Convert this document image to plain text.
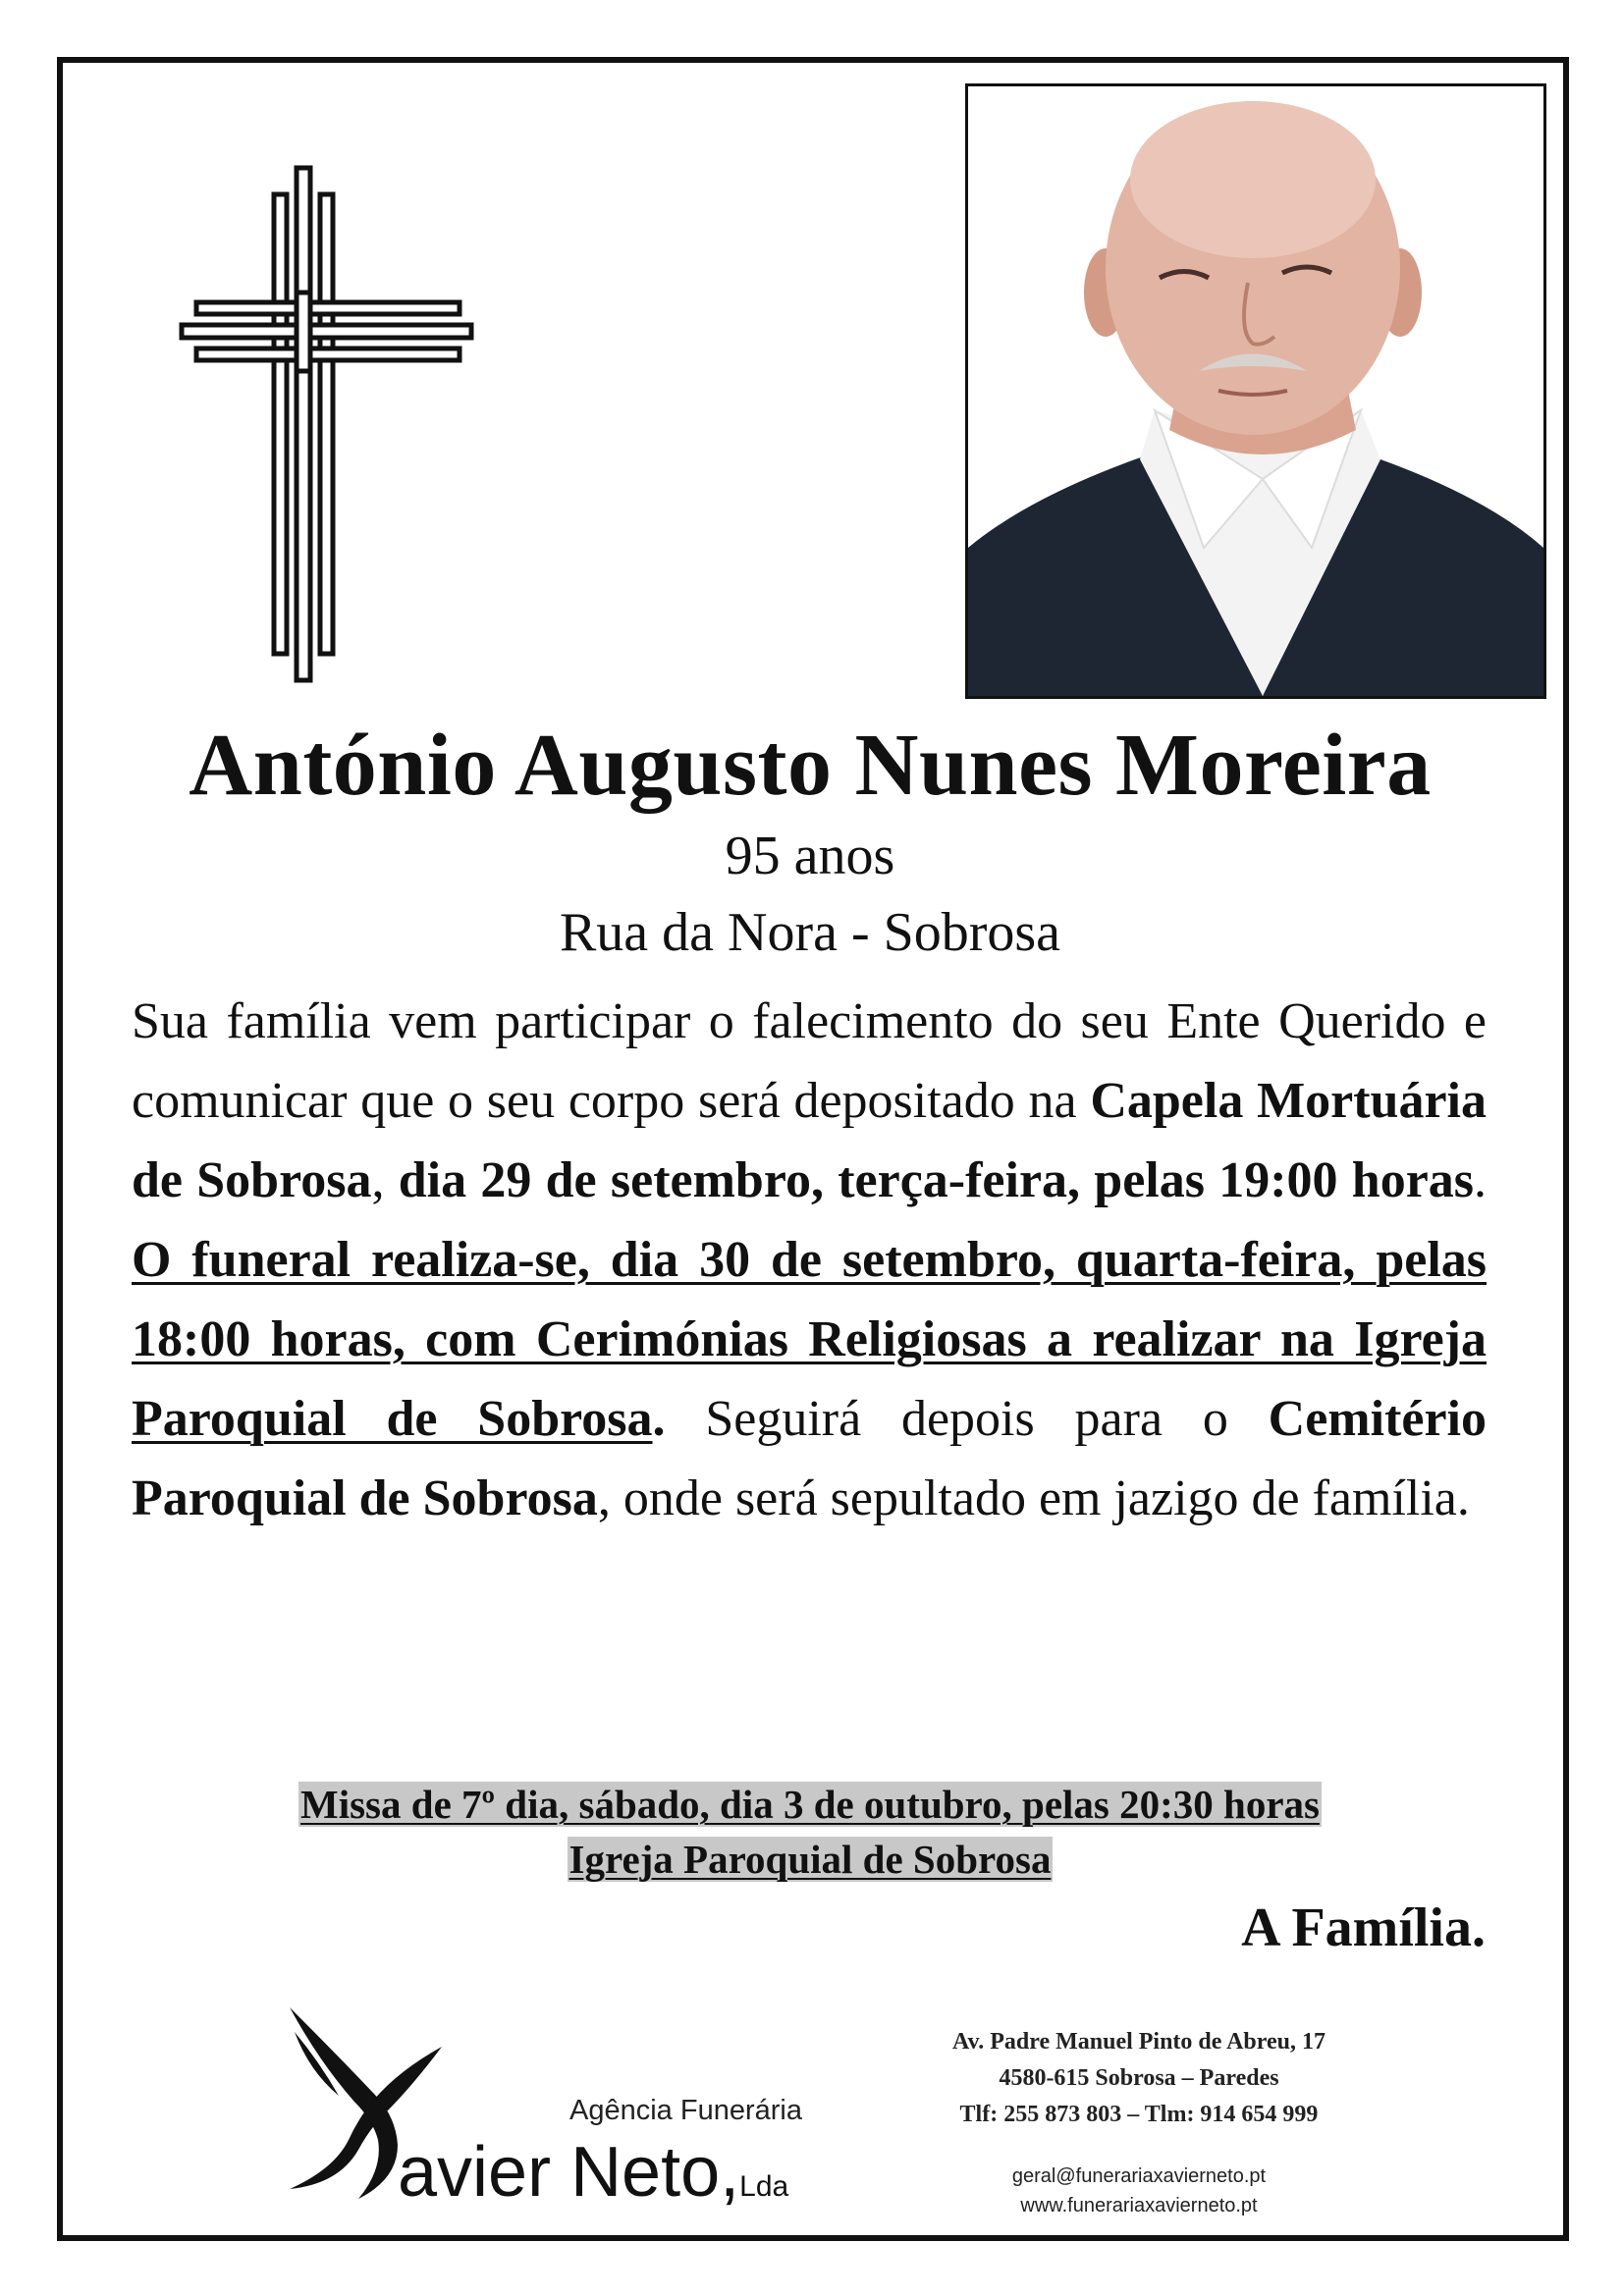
António Augusto Nunes Moreira
95 anos
Rua da Nora - Sobrosa
Sua família vem participar o falecimento do seu Ente Querido e comunicar que o seu corpo será depositado na Capela Mortuária de Sobrosa, dia 29 de setembro, terça-feira, pelas 19:00 horas. O funeral realiza-se, dia 30 de setembro, quarta-feira, pelas 18:00 horas, com Cerimónias Religiosas a realizar na Igreja Paroquial de Sobrosa. Seguirá depois para o Cemitério Paroquial de Sobrosa, onde será sepultado em jazigo de família.
Missa de 7º dia, sábado, dia 3 de outubro, pelas 20:30 horas
Igreja Paroquial de Sobrosa
A Família.
Agência Funerária
avier Neto,Lda
Av. Padre Manuel Pinto de Abreu, 17
4580-615 Sobrosa – Paredes
Tlf: 255 873 803 – Tlm: 914 654 999
geral@funerariaxavierneto.pt
www.funerariaxavierneto.pt
